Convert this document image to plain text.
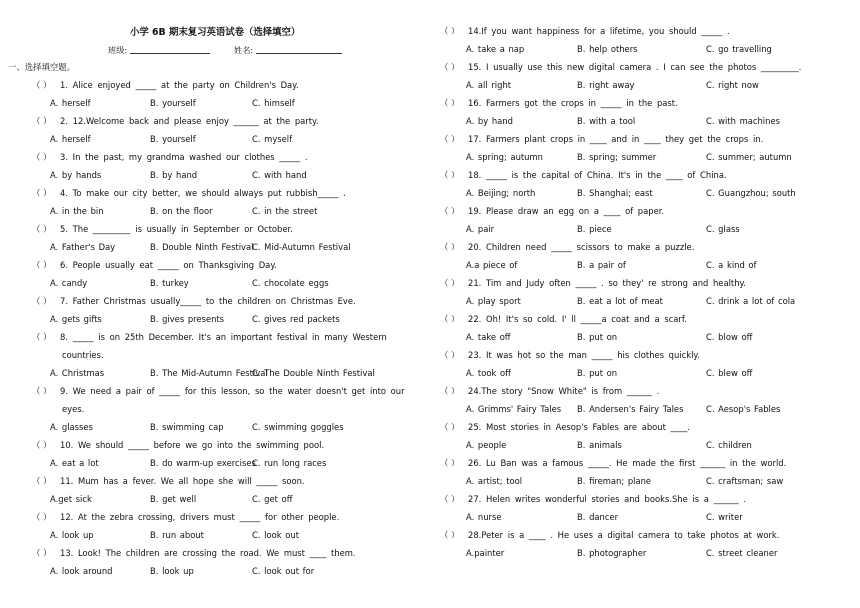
小学 6B 期末复习英语试卷（选择填空）
班级:	姓名:
一、选择填空题。
（ ） 1. Alice enjoyed _____ at the party on Children's Day.
A. herself	B. yourself	C. himself
（ ） 2. 12.Welcome back and please enjoy ______ at the party.
A. herself	B. yourself	C. myself
（ ） 3. In the past, my grandma washed our clothes _____ .
A. by hands	B. by hand	C. with hand
（ ） 4. To make our city better, we should always put rubbish_____ .
A. in the bin	B. on the floor	C. in the street
（ ） 5. The _________ is usually in September or October.
A. Father's Day	B. Double Ninth Festival
C. Mid-Autumn Festival
（ ） 6. People usually eat _____ on Thanksgiving Day.
A. candy	B. turkey	C. chocolate eggs
（ ） 7. Father Christmas usually_____ to the children on Christmas Eve.
A. gets gifts	B. gives presents	C. gives red packets
（ ） 8. _____ is on 25th December. It's an important festival in many Western
countries.
A. Christmas	B. The Mid-Autumn Festival
C. The Double Ninth Festival
（ ） 9. We need a pair of _____ for this lesson, so the water doesn't get into our
eyes.
A. glasses	B. swimming cap	C. swimming goggles
（ ） 10. We should _____ before we go into the swimming pool.
A. eat a lot	B. do warm-up exercises
C. run long races
（ ） 11. Mum has a fever. We all hope she will _____ soon.
A.get sick	B. get well	C. get off
（ ） 12. At the zebra crossing, drivers must _____ for other people.
A. look up	B. run about	C. look out
（ ） 13. Look! The children are crossing the road. We must ____ them.
A. look around	B. look up	C. look out for
（ ） 14.If you want happiness for a lifetime, you should _____ .
A. take a nap	B. help others	C. go travelling
（ ） 15. I usually use this new digital camera . I can see the photos _________.
A. all right	B. right away	C. right now
（ ） 16. Farmers got the crops in _____ in the past.
A. by hand	B. with a tool	C. with machines
（ ） 17. Farmers plant crops in ____ and in ____ they get the crops in.
A. spring; autumn	B. spring; summer	C. summer; autumn
（ ） 18. _____ is the capital of China. It's in the ____ of China.
A. Beijing; north	B. Shanghai; east	C. Guangzhou; south
（ ） 19. Please draw an egg on a ____ of paper.
A. pair	B. piece	C. glass
（ ） 20. Children need _____ scissors to make a puzzle.
A.a piece of	B. a pair of	C. a kind of
（ ） 21. Tim and Judy often _____ . so they' re strong and healthy.
A. play sport	B. eat a lot of meat	C. drink a lot of cola
（ ） 22. Oh! It's so cold. I' ll _____a coat and a scarf.
A. take off	B. put on	C. blow off
（ ） 23. It was hot so the man _____ his clothes quickly.
A. took off	B. put on	C. blew off
（ ） 24.The story "Snow White" is from ______ .
A. Grimms' Fairy Tales B. Andersen's Fairy Tales	C. Aesop's Fables
（ ） 25. Most stories in Aesop's Fables are about ____.
A. people	B. animals	C. children
（ ） 26. Lu Ban was a famous _____. He made the first ______ in the world.
A. artist; tool	B. fireman; plane	C. craftsman; saw
（ ） 27. Helen writes wonderful stories and books.She is a ______ .
A. nurse	B. dancer	C. writer
（ ） 28.Peter is a ____ . He uses a digital camera to take photos at work.
A.painter	B. photographer	C. street cleaner
